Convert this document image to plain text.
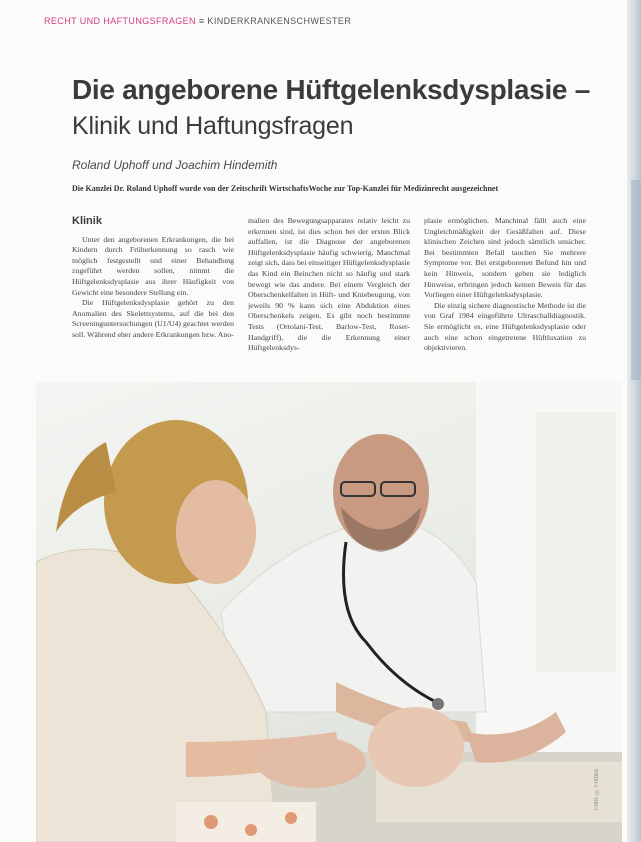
RECHT UND HAFTUNGSFRAGEN ≡ KINDERKRANKENSCHWESTER
Die angeborene Hüftgelenksdysplasie –
Klinik und Haftungsfragen
Roland Uphoff und Joachim Hindemith
Die Kanzlei Dr. Roland Uphoff wurde von der Zeitschrift WirtschaftsWoche zur Top-Kanzlei für Medizinrecht ausgezeichnet
Klinik

Unter den angeborenen Erkrankungen, die bei Kindern durch Früherkennung so rasch wie möglich festgestellt und einer Behandlung zugeführt werden sollen, nimmt die Hüftgelenksdysplasie aus ihrer Häufigkeit von Gewicht eine besondere Stellung ein.

Die Hüftgelenksdysplasie gehört zu den Anomalien des Skelettsystems, auf die bei den Screeninguntersuchungen (U1/U4) geachtet werden soll. Während eher andere Erkrankungen bzw. Ano-

malien des Bewegungsapparates relativ leicht zu erkennen sind, ist dies schon bei der ersten Blick auffallen, ist die Diagnose der angeborenen Hüftgelenksdysplasie häufig schwierig. Manchmal zeigt sich, dass bei einseitiger Hüftgelenksdysplasie das Kind ein Beinchen nicht so häufig und stark bewegt wie das andere. Bei einem Vergleich der Oberschenkelfalten in Hüft- und Kniebeugung, von jeweils 90 % kann sich eine Abduktion eines Oberschenkels zeigen. Es gibt noch bestimmte Tests (Ortolani-Test, Barlow-Test, Roser-Handgriff), die die Erkennung einer Hüftgelenksdys-

plasie ermöglichen. Manchmal fällt auch eine Ungleichmäßigkeit der Gesäßfalten auf. Diese klinischen Zeichen sind jedoch sämtlich unsicher. Bei bestimmten Befall tauchen Sie mehrere Symptome vor. Bei erstgeborenen Befund hin und kein Hinweis, sondern geben sie lediglich Hinweise, erbringen jedoch keinen Beweis für das Vorliegen einer Hüftgelenksdysplasie.

Die einzig sichere diagnostische Methode ist die von Graf 1984 eingeführte Ultraschalldiagnostik. Sie ermöglicht es, eine Hüftgelenksdysplasie oder auch eine schon eingetretene Hüftluxation zu objektivieren.

Foto: © Fotolia
